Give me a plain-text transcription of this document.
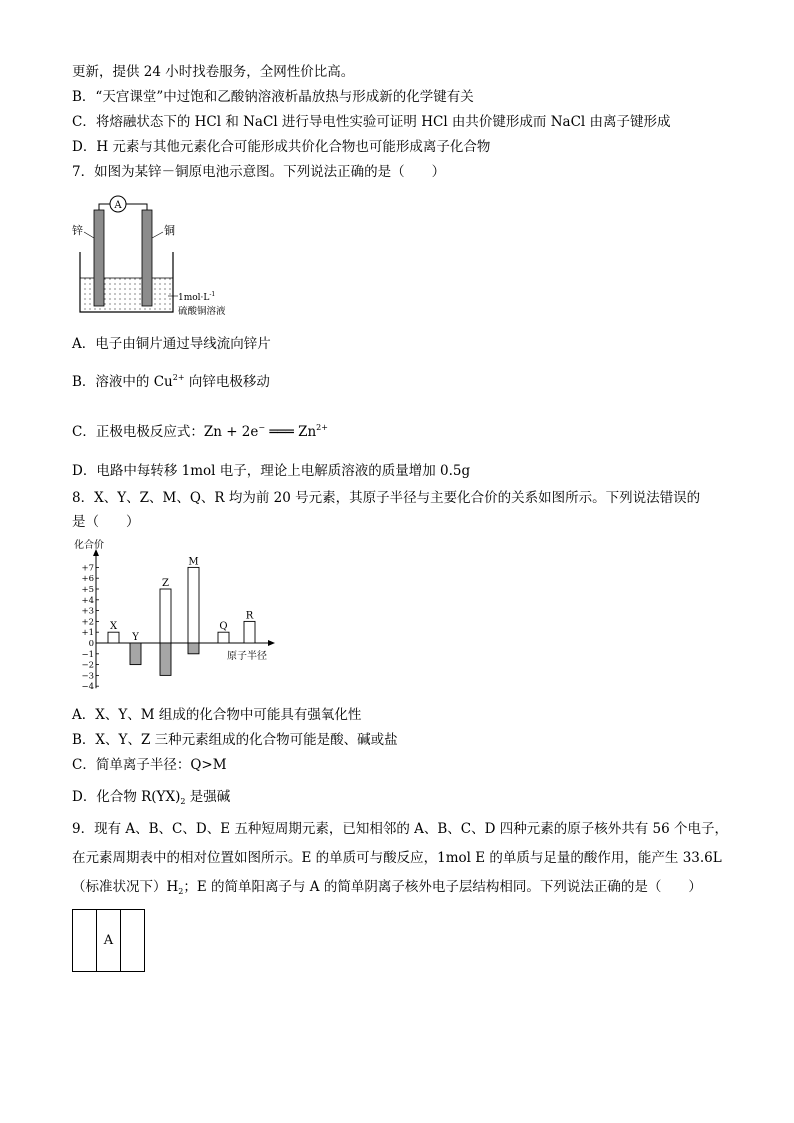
更新，提供 24 小时找卷服务，全网性价比高。
B．“天宫课堂”中过饱和乙酸钠溶液析晶放热与形成新的化学键有关
C．将熔融状态下的 HCl 和 NaCl 进行导电性实验可证明 HCl 由共价键形成而 NaCl 由离子键形成
D．H 元素与其他元素化合可能形成共价化合物也可能形成离子化合物
7．如图为某锌－铜原电池示意图。下列说法正确的是（　　）
A
锌	铜
$1mol\cdot L^{-1}$
硫酸铜溶液
A．电子由铜片通过导线流向锌片
B．溶液中的 $Cu^{2+}$ 向锌电极移动
C．正极电极反应式：Zn + 2e− ═══ $Zn^{2+}$
D．电路中每转移 1mol 电子，理论上电解质溶液的质量增加 0.5g
8．X、Y、Z、M、Q、R 均为前 20 号元素，其原子半径与主要化合价的关系如图所示。下列说法错误的
是（　　）
化合价
原子半径
+7
+6
+5
+4
+3
+2
+1
0
−1
−2
−3
−4
X
Y
Z
M
Q
R
A．X、Y、M 组成的化合物中可能具有强氧化性
B．X、Y、Z 三种元素组成的化合物可能是酸、碱或盐
C．简单离子半径：Q>M
D．化合物 $R(YX)_2$ 是强碱
9．现有 A、B、C、D、E 五种短周期元素，已知相邻的 A、B、C、D 四种元素的原子核外共有 56 个电子，
在元素周期表中的相对位置如图所示。E 的单质可与酸反应，1mol E 的单质与足量的酸作用，能产生 33.6L
（标准状况下）$H_2$；E 的简单阳离子与 A 的简单阴离子核外电子层结构相同。下列说法正确的是（　　）
A
